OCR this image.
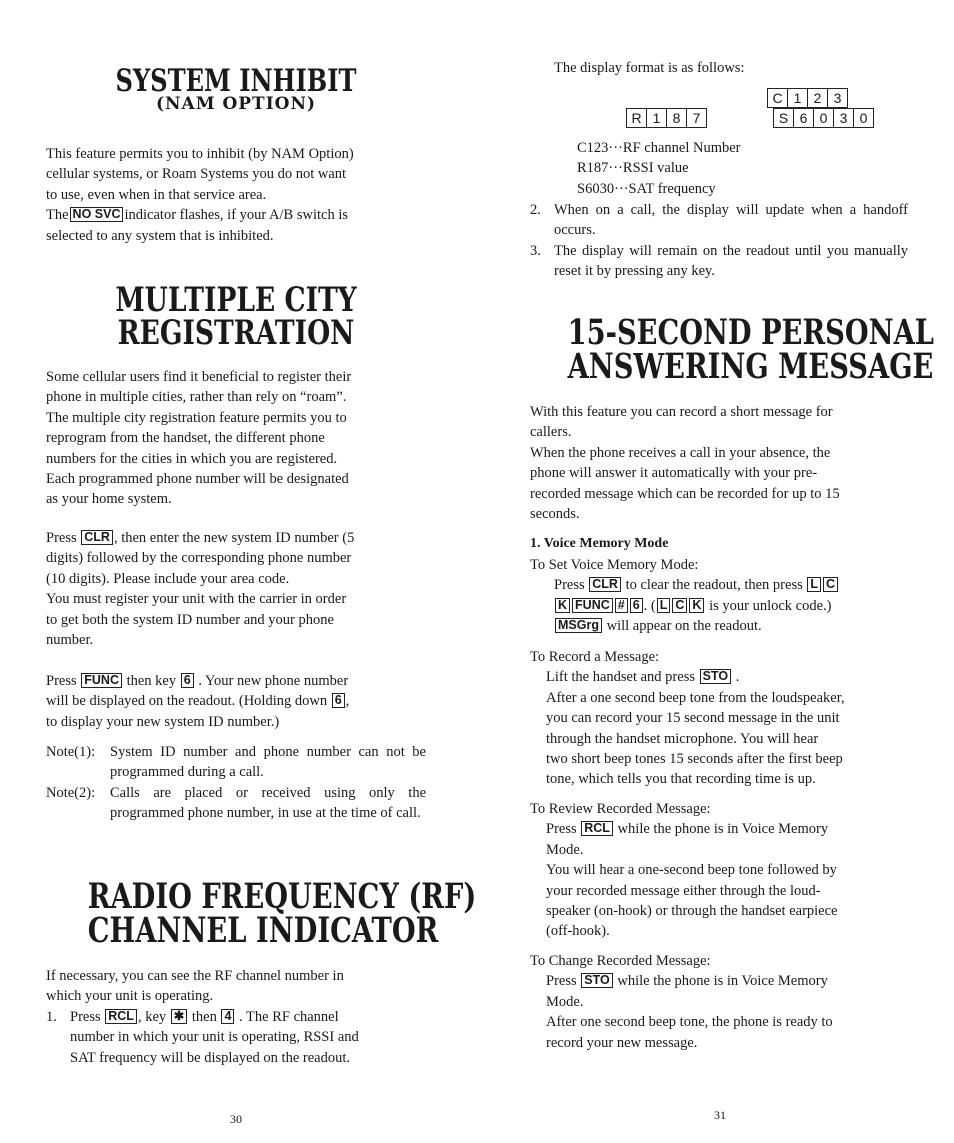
SYSTEM INHIBIT
(NAM OPTION)
This feature permits you to inhibit (by NAM Option)
cellular systems, or Roam Systems you do not want
to use, even when in that service area.
The NO SVC indicator flashes, if your A/B switch is
selected to any system that is inhibited.
MULTIPLE CITY
REGISTRATION
Some cellular users find it beneficial to register their
phone in multiple cities, rather than rely on “roam”.
The multiple city registration feature permits you to
reprogram from the handset, the different phone
numbers for the cities in which you are registered.
Each programmed phone number will be designated
as your home system.
Press CLR , then enter the new system ID number (5
digits) followed by the corresponding phone number
(10 digits). Please include your area code.
You must register your unit with the carrier in order
to get both the system ID number and your phone
number.
Press FUNC then key 6 . Your new phone number
will be displayed on the readout. (Holding down 6 ,
to display your new system ID number.)
Note(1):	System ID number and phone number can not be programmed during a call.

Note(2):	Calls are placed or received using only the programmed phone number, in use at the time of call.

RADIO FREQUENCY (RF)
CHANNEL INDICATOR
If necessary, you can see the RF channel number in
which your unit is operating.
1. Press RCL , key ✱ then 4 . The RF channel
number in which your unit is operating, RSSI and
SAT frequency will be displayed on the readout.
30
The display format is as follows:
C 1 2 3
R 1 8 7	S 6 0 3 0
C123···RF channel Number
R187···RSSI value
S6030···SAT frequency
2. When on a call, the display will update when a handoff occurs.

3. The display will remain on the readout until you manually reset it by pressing any key.

15-SECOND PERSONAL
ANSWERING MESSAGE
With this feature you can record a short message for
callers.
When the phone receives a call in your absence, the
phone will answer it automatically with your pre-
recorded message which can be recorded for up to 15
seconds.
1. Voice Memory Mode
To Set Voice Memory Mode:
Press CLR to clear the readout, then press L C
K FUNC # 6 . ( L C K is your unlock code.)
MSGrg will appear on the readout.
To Record a Message:
Lift the handset and press STO .
After a one second beep tone from the loudspeaker,
you can record your 15 second message in the unit
through the handset microphone. You will hear
two short beep tones 15 seconds after the first beep
tone, which tells you that recording time is up.
To Review Recorded Message:
Press RCL while the phone is in Voice Memory
Mode.
You will hear a one-second beep tone followed by
your recorded message either through the loud-
speaker (on-hook) or through the handset earpiece
(off-hook).
To Change Recorded Message:
Press STO while the phone is in Voice Memory
Mode.
After one second beep tone, the phone is ready to
record your new message.
31
